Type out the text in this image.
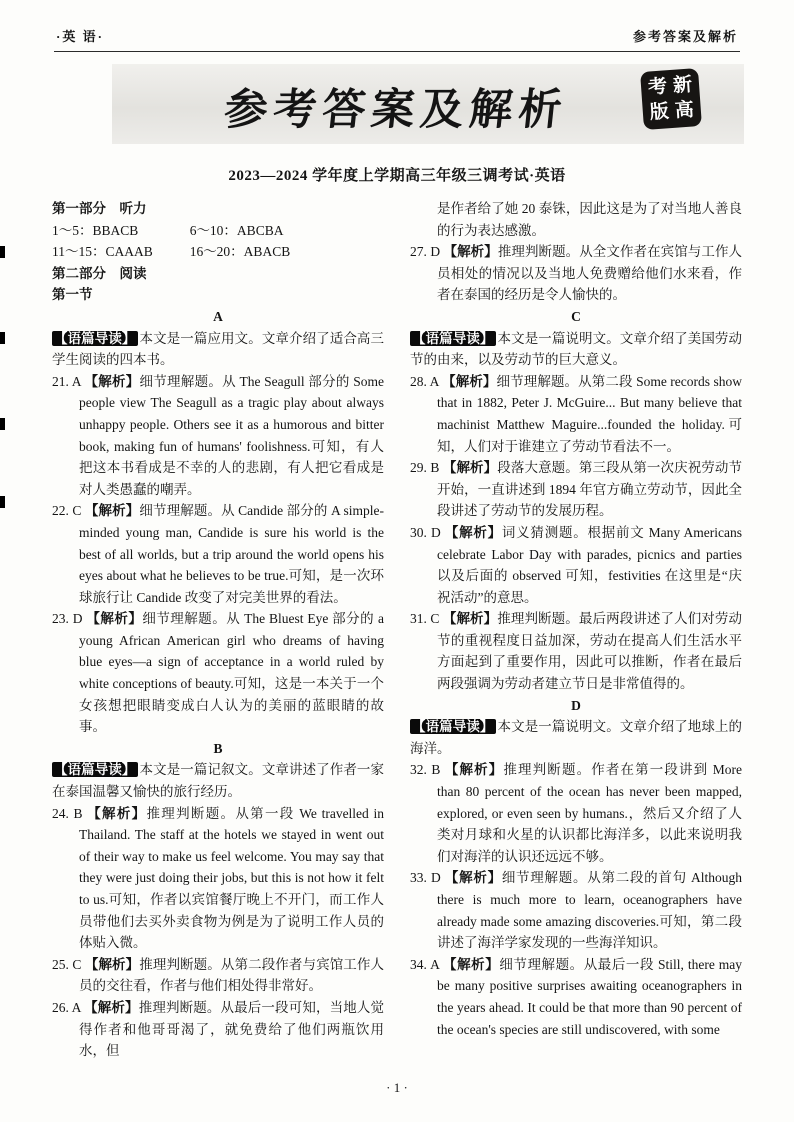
·英 语·	参考答案及解析
参考答案及解析	考 新
版 高
2023—2024 学年度上学期高三年级三调考试·英语

第一部分　听力

1～5：BBACB	6～10：ABCBA

11～15：CAAAB	16～20：ABACB

第二部分　阅读

第一节

A

【语篇导读】 本文是一篇应用文。文章介绍了适合高三学生阅读的四本书。

21. A 【解析】细节理解题。从 The Seagull 部分的 Some people view The Seagull as a tragic play about always unhappy people. Others see it as a humorous and bitter book, making fun of humans' foolishness.可知，有人把这本书看成是不幸的人的悲剧，有人把它看成是对人类愚蠢的嘲弄。

22. C 【解析】细节理解题。从 Candide 部分的 A simple-minded young man, Candide is sure his world is the best of all worlds, but a trip around the world opens his eyes about what he believes to be true.可知，是一次环球旅行让 Candide 改变了对完美世界的看法。

23. D 【解析】细节理解题。从 The Bluest Eye 部分的 a young African American girl who dreams of having blue eyes—a sign of acceptance in a world ruled by white conceptions of beauty.可知，这是一本关于一个女孩想把眼睛变成白人认为的美丽的蓝眼睛的故事。

B

【语篇导读】 本文是一篇记叙文。文章讲述了作者一家在泰国温馨又愉快的旅行经历。

24. B 【解析】推理判断题。从第一段 We travelled in Thailand. The staff at the hotels we stayed in went out of their way to make us feel welcome. You may say that they were just doing their jobs, but this is not how it felt to us.可知，作者以宾馆餐厅晚上不开门，而工作人员带他们去买外卖食物为例是为了说明工作人员的体贴入微。

25. C 【解析】推理判断题。从第二段作者与宾馆工作人员的交往看，作者与他们相处得非常好。

26. A 【解析】推理判断题。从最后一段可知，当地人觉得作者和他哥哥渴了，就免费给了他们两瓶饮用水，但

是作者给了她 20 泰铢，因此这是为了对当地人善良的行为表达感激。

27. D 【解析】推理判断题。从全文作者在宾馆与工作人员相处的情况以及当地人免费赠给他们水来看，作者在泰国的经历是令人愉快的。

C

【语篇导读】 本文是一篇说明文。文章介绍了美国劳动节的由来，以及劳动节的巨大意义。

28. A 【解析】细节理解题。从第二段 Some records show that in 1882, Peter J. McGuire... But many believe that machinist Matthew Maguire...founded the holiday.可知，人们对于谁建立了劳动节看法不一。

29. B 【解析】段落大意题。第三段从第一次庆祝劳动节开始，一直讲述到 1894 年官方确立劳动节，因此全段讲述了劳动节的发展历程。

30. D 【解析】词义猜测题。根据前文 Many Americans celebrate Labor Day with parades, picnics and parties 以及后面的 observed 可知，festivities 在这里是“庆祝活动”的意思。

31. C 【解析】推理判断题。最后两段讲述了人们对劳动节的重视程度日益加深，劳动在提高人们生活水平方面起到了重要作用，因此可以推断，作者在最后两段强调为劳动者建立节日是非常值得的。

D

【语篇导读】 本文是一篇说明文。文章介绍了地球上的海洋。

32. B 【解析】推理判断题。作者在第一段讲到 More than 80 percent of the ocean has never been mapped, explored, or even seen by humans.，然后又介绍了人类对月球和火星的认识都比海洋多，以此来说明我们对海洋的认识还远远不够。

33. D 【解析】细节理解题。从第二段的首句 Although there is much more to learn, oceanographers have already made some amazing discoveries.可知，第二段讲述了海洋学家发现的一些海洋知识。

34. A 【解析】细节理解题。从最后一段 Still, there may be many positive surprises awaiting oceanographers in the years ahead. It could be that more than 90 percent of the ocean's species are still undiscovered, with some

· 1 ·
